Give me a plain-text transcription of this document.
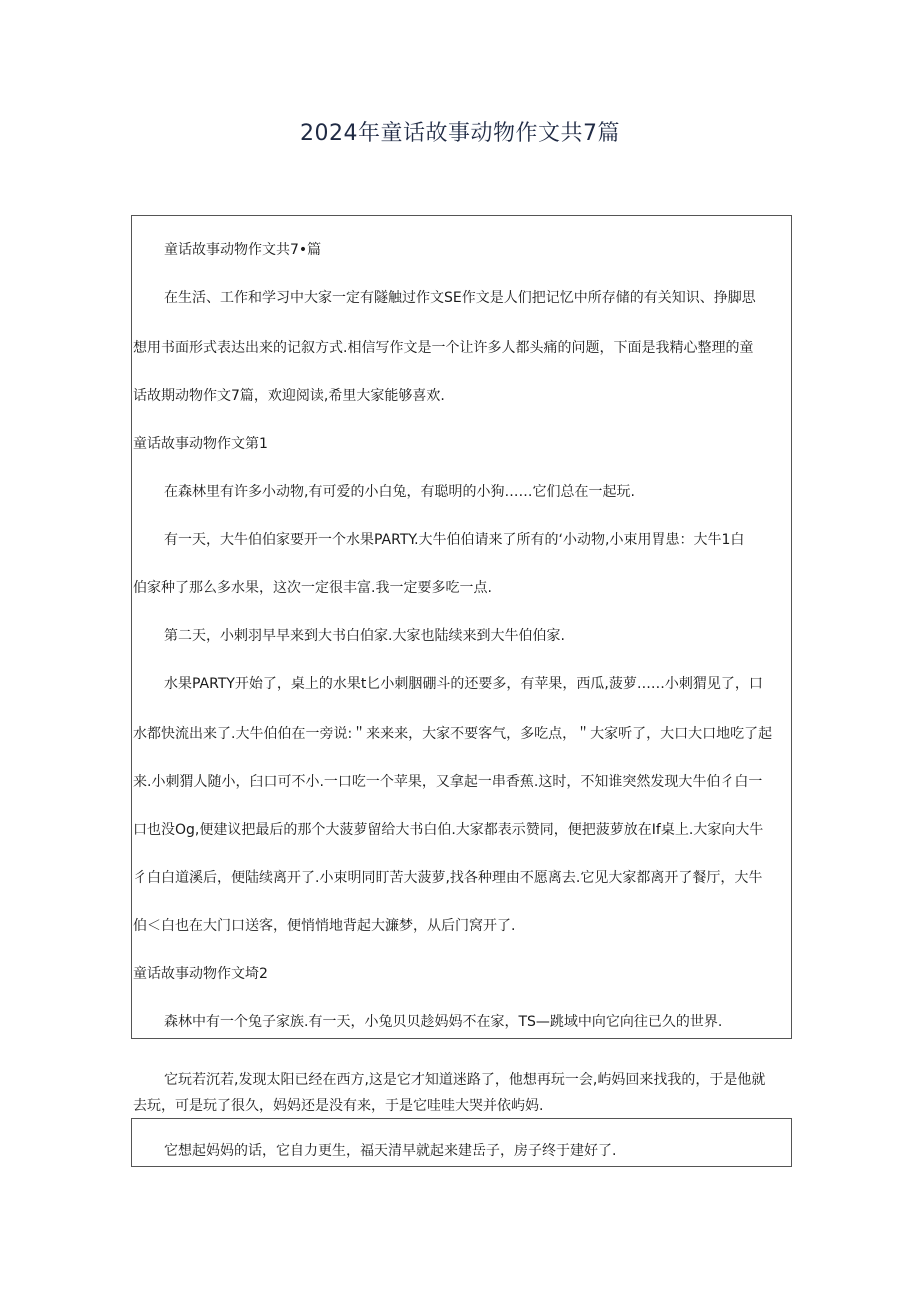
2024年童话故事动物作文共7篇
童话故事动物作文共7•篇
在生活、工作和学习中大家一定有隧触过作文SE作文是人们把记忆中所存储的有关知识、挣脚思
想用书面形式表达出来的记叙方式.相信写作文是一个让许多人都头痛的问题，下面是我精心整理的童
话故期动物作文7篇，欢迎阅读,希里大家能够喜欢.
童话故事动物作文第1
在森林里有许多小动物,有可爱的小白兔，有聪明的小狗……它们总在一起玩.
有一天，大牛伯伯家要开一个水果PARTY.大牛伯伯请来了所有的‘小动物,小束用胃患：大牛1白
伯家种了那么多水果，这次一定很丰富.我一定要多吃一点.
第二天，小剌羽早早来到大书白伯家.大家也陆续来到大牛伯伯家.
水果PARTY开始了，桌上的水果t匕小刺胭硼斗的还要多，有苹果，西瓜,菠萝……小刺猬见了，口
水都快流出来了.大牛伯伯在一旁说:＂来来来，大家不要客气，多吃点，＂大家听了，大口大口地吃了起
来.小刺猬人随小，臼口可不小.一口吃一个苹果，又拿起一串香蕉.这时，不知谁突然发现大牛伯彳白一
口也没Og,便建议把最后的那个大菠萝留给大书白伯.大家都表示赞同，便把菠萝放在If桌上.大家向大牛
彳白白道溪后，便陆续离开了.小束明同盯苦大菠萝,找各种理由不愿离去.它见大家都离开了餐厅，大牛
伯＜白也在大门口送客，便悄悄地背起大濂梦，从后门窝开了.
童话故事动物作文埼2
森林中有一个兔子家族.有一天，小兔贝贝趁妈妈不在家，TS—跳域中向它向往已久的世界.
它玩若沉若,发现太阳已经在西方,这是它才知道迷路了，他想再玩一会,屿妈回来找我的，于是他就
去玩，可是玩了很久，妈妈还是没有来，于是它哇哇大哭并依屿妈.
它想起妈妈的话，它自力更生，福天清早就起来建岳子，房子终于建好了.
